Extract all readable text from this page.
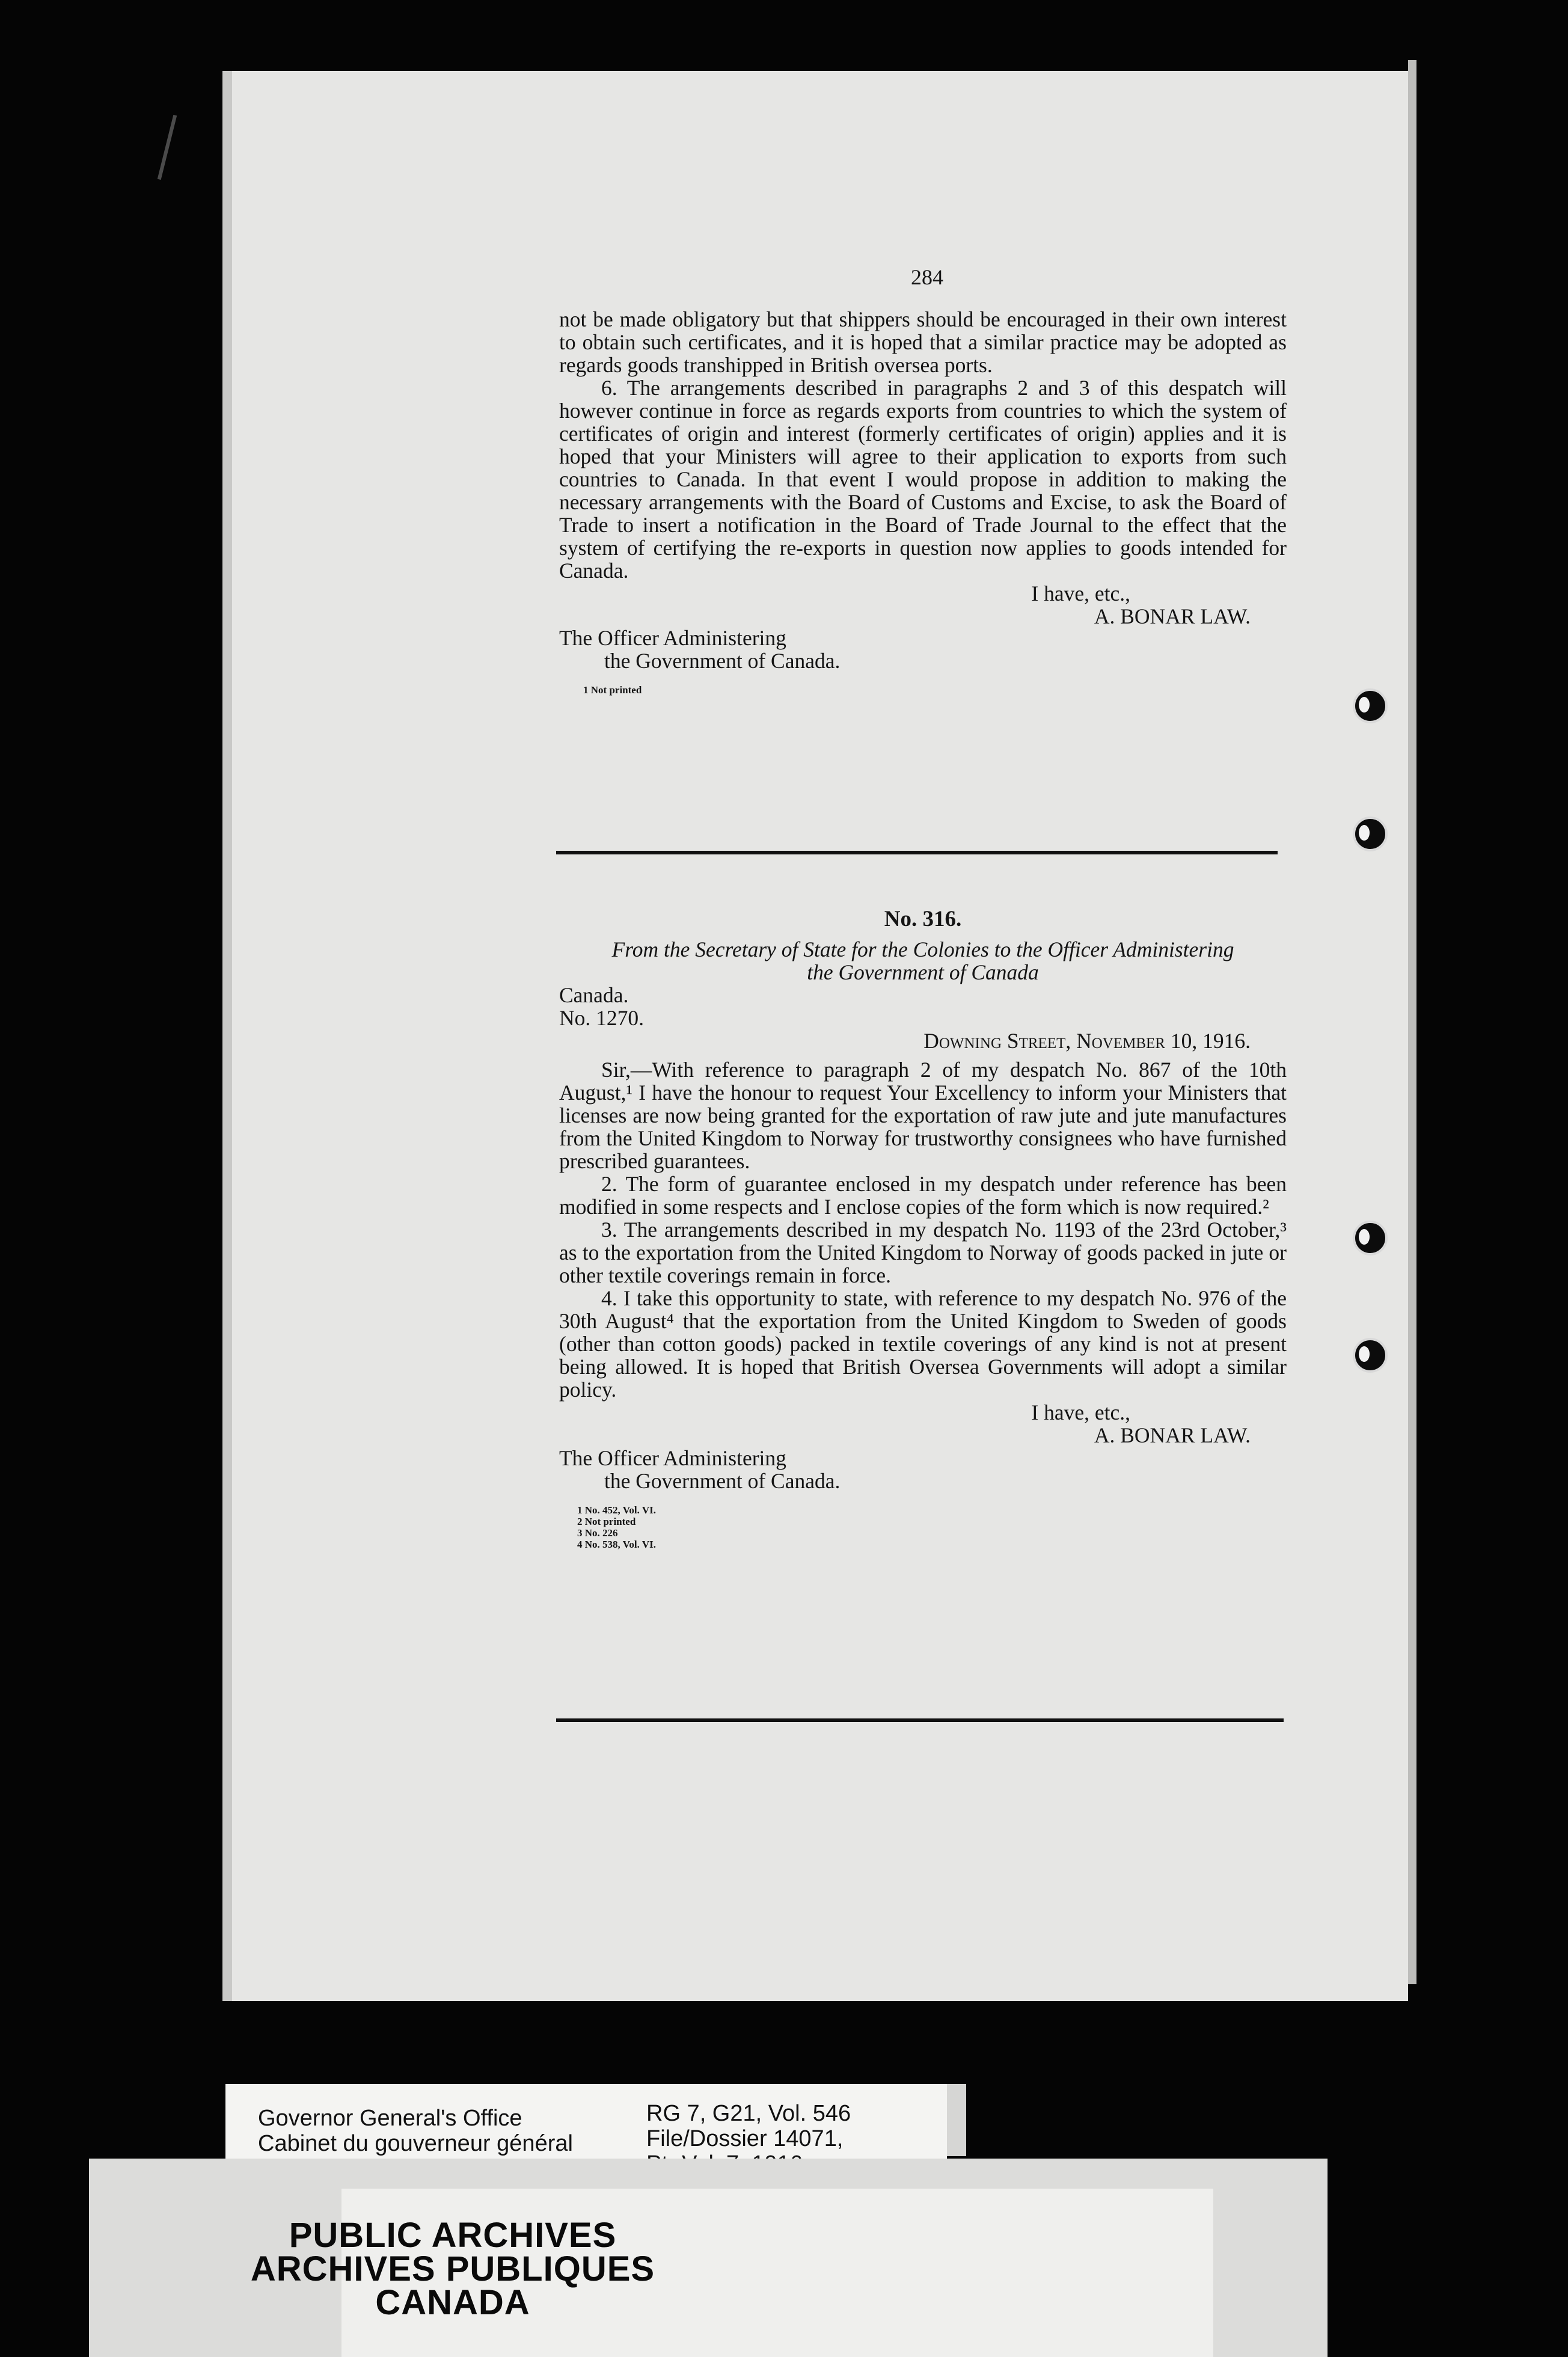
284

not be made obligatory but that shippers should be encouraged in their own interest to obtain such certificates, and it is hoped that a similar practice may be adopted as regards goods transhipped in British oversea ports.

6. The arrangements described in paragraphs 2 and 3 of this despatch will however continue in force as regards exports from countries to which the system of certificates of origin and interest (formerly certificates of origin) applies and it is hoped that your Ministers will agree to their application to exports from such countries to Canada. In that event I would propose in addition to making the necessary arrangements with the Board of Customs and Excise, to ask the Board of Trade to insert a notification in the Board of Trade Journal to the effect that the system of certifying the re-exports in question now applies to goods intended for Canada.

I have, etc.,

A. BONAR LAW.

The Officer Administering

the Government of Canada.

1 Not printed

No. 316.

From the Secretary of State for the Colonies to the Officer Administering

the Government of Canada

Canada.

No. 1270.

Downing Street, November 10, 1916.

Sir,—With reference to paragraph 2 of my despatch No. 867 of the 10th August,¹ I have the honour to request Your Excellency to inform your Ministers that licenses are now being granted for the exportation of raw jute and jute manufactures from the United Kingdom to Norway for trustworthy consignees who have furnished prescribed guarantees.

2. The form of guarantee enclosed in my despatch under reference has been modified in some respects and I enclose copies of the form which is now required.²

3. The arrangements described in my despatch No. 1193 of the 23rd October,³ as to the exportation from the United Kingdom to Norway of goods packed in jute or other textile coverings remain in force.

4. I take this opportunity to state, with reference to my despatch No. 976 of the 30th August⁴ that the exportation from the United Kingdom to Sweden of goods (other than cotton goods) packed in textile coverings of any kind is not at present being allowed. It is hoped that British Oversea Governments will adopt a similar policy.

I have, etc.,

A. BONAR LAW.

The Officer Administering

the Government of Canada.

1 No. 452, Vol. VI.

2 Not printed

3 No. 226

4 No. 538, Vol. VI.

Governor General's Office
Cabinet du gouverneur général
RG 7, G21, Vol. 546
File/Dossier 14071,
PUBLIC ARCHIVES
ARCHIVES PUBLIQUES
CANADA
